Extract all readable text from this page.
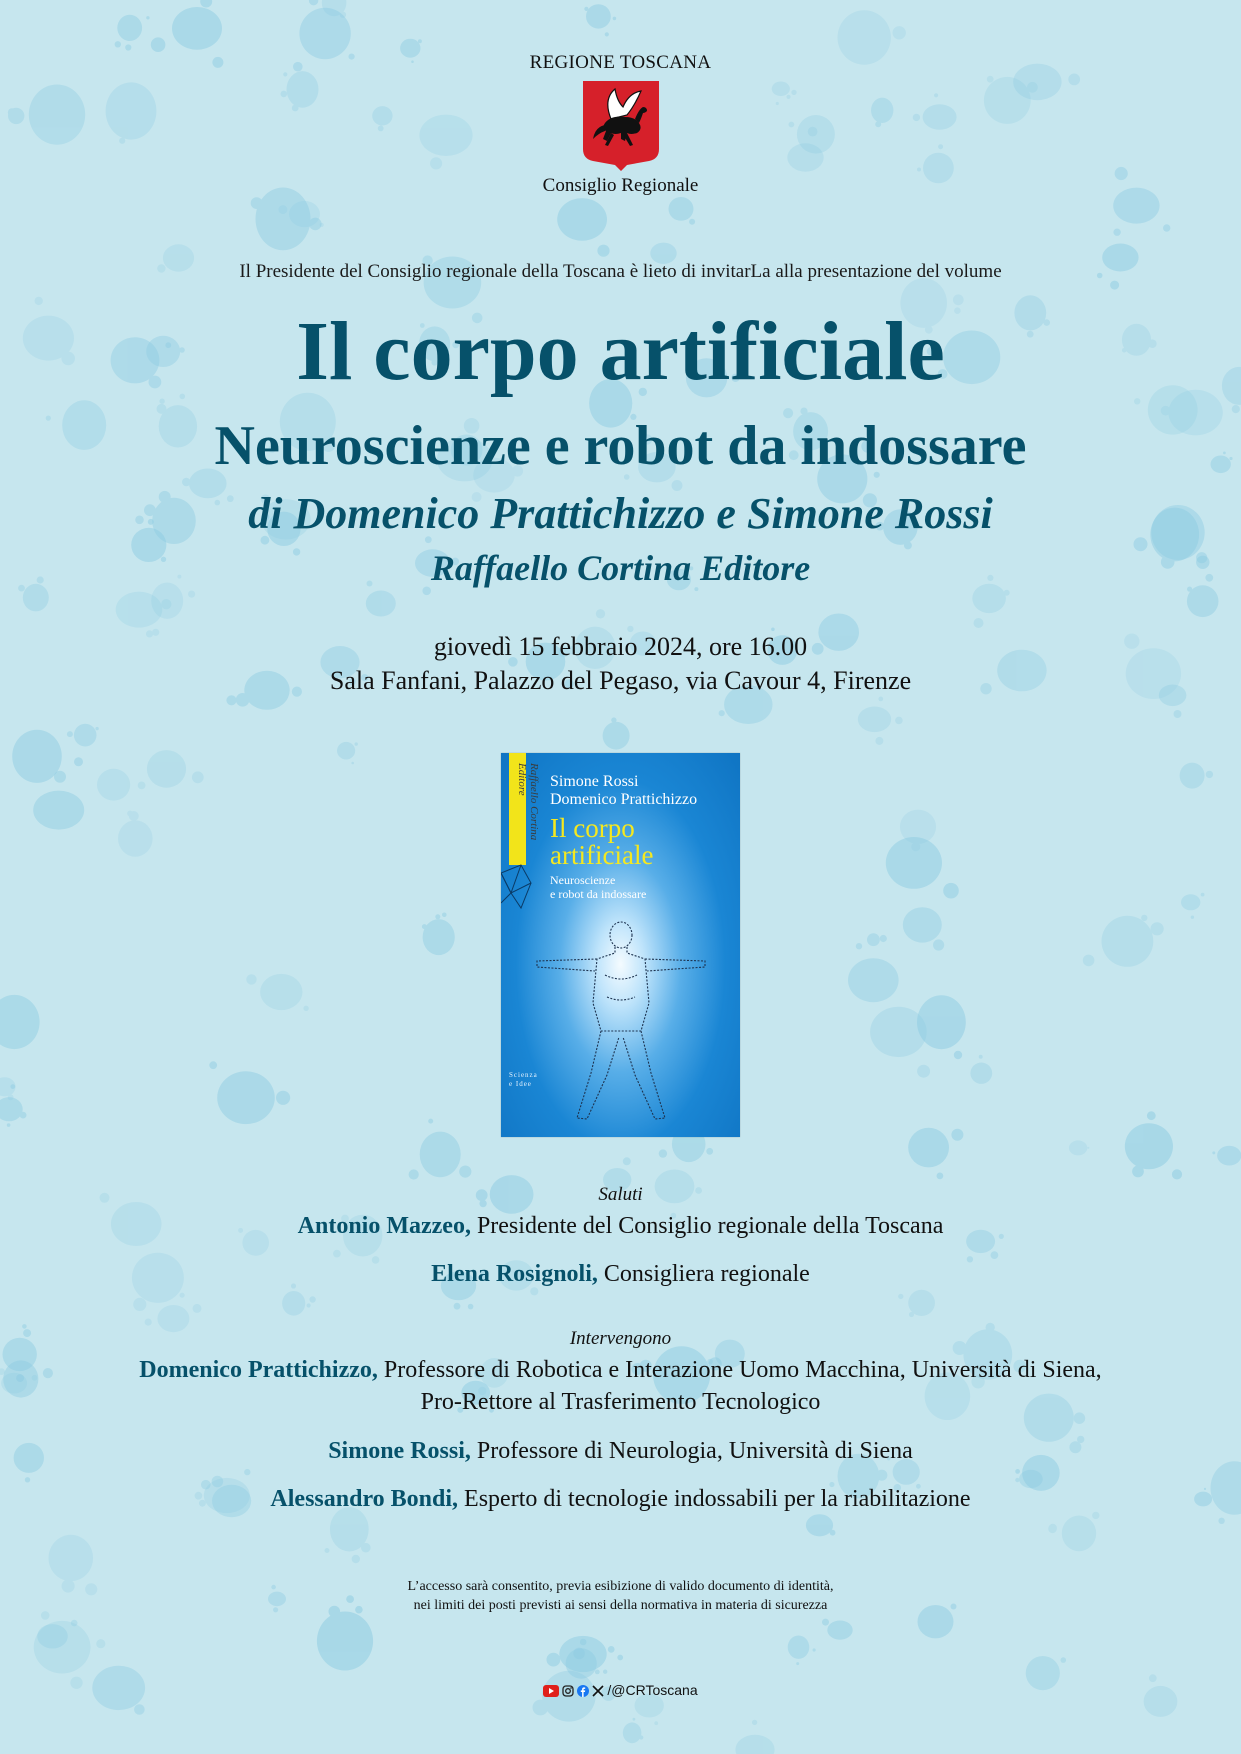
REGIONE TOSCANA
Consiglio Regionale
Il Presidente del Consiglio regionale della Toscana è lieto di invitarLa alla presentazione del volume
Il corpo artificiale
Neuroscienze e robot da indossare
di Domenico Prattichizzo e Simone Rossi
Raffaello Cortina Editore
giovedì 15 febbraio 2024, ore 16.00
Sala Fanfani, Palazzo del Pegaso, via Cavour 4, Firenze
Raffaello Cortina Editore	Simone Rossi
Domenico Prattichizzo
Il corpo
artificiale
Neuroscienze
e robot da indossare
Scienza
e Idee
Saluti
Antonio Mazzeo, Presidente del Consiglio regionale della Toscana
Elena Rosignoli, Consigliera regionale
Intervengono
Domenico Prattichizzo, Professore di Robotica e Interazione Uomo Macchina, Università di Siena,
Pro-Rettore al Trasferimento Tecnologico
Simone Rossi, Professore di Neurologia, Università di Siena
Alessandro Bondi, Esperto di tecnologie indossabili per la riabilitazione
L’accesso sarà consentito, previa esibizione di valido documento di identità,
nei limiti dei posti previsti ai sensi della normativa in materia di sicurezza
/@CRToscana
